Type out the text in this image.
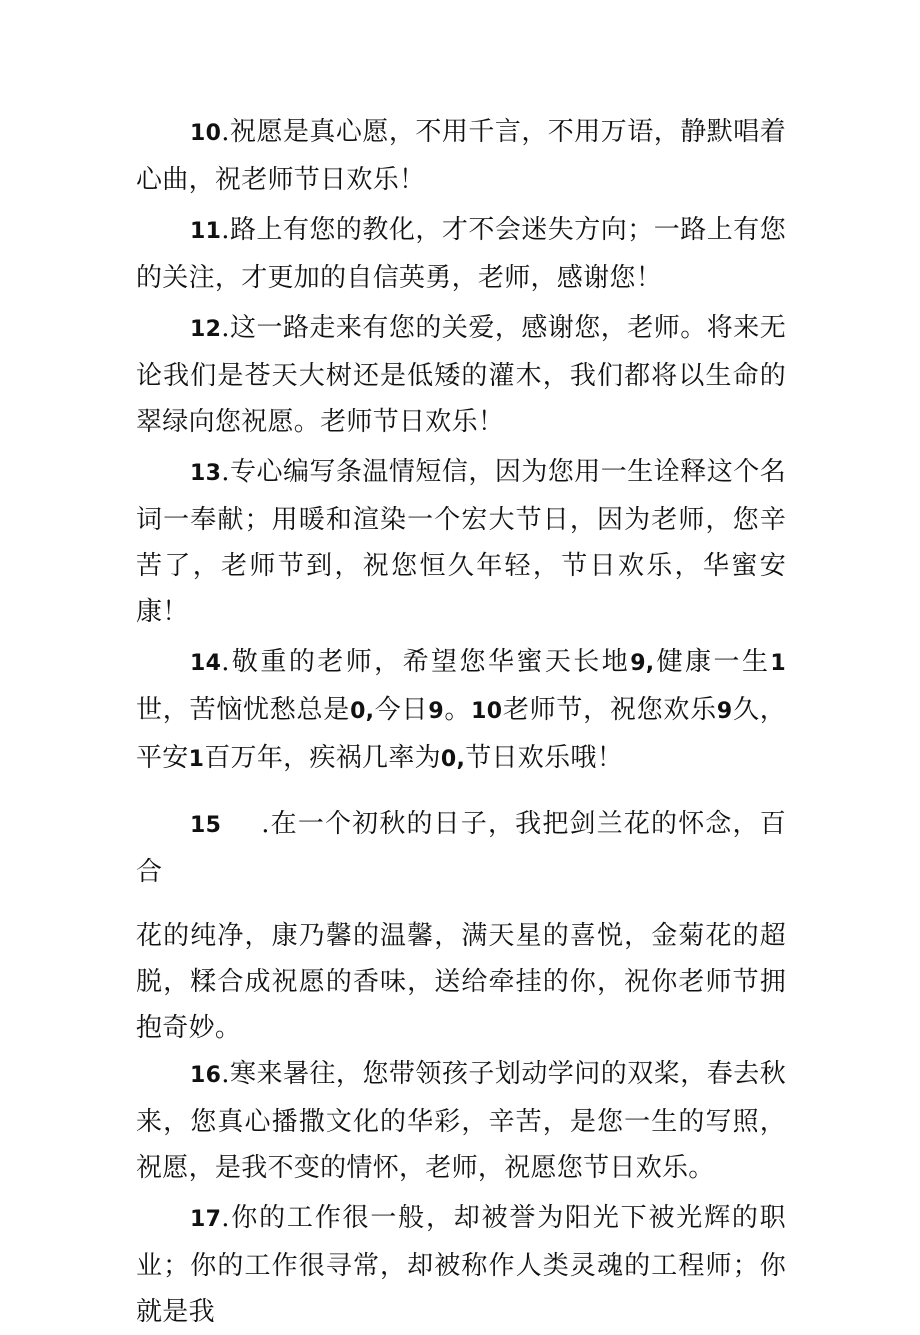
10.祝愿是真心愿，不用千言，不用万语，静默唱着心曲，祝老师节日欢乐！

11.路上有您的教化，才不会迷失方向；一路上有您的关注，才更加的自信英勇，老师，感谢您！

12.这一路走来有您的关爱，感谢您，老师。将来无论我们是苍天大树还是低矮的灌木，我们都将以生命的翠绿向您祝愿。老师节日欢乐！

13.专心编写条温情短信，因为您用一生诠释这个名词一奉献；用暖和渲染一个宏大节日，因为老师，您辛苦了，老师节到，祝您恒久年轻，节日欢乐，华蜜安康！

14.敬重的老师，希望您华蜜天长地9,健康一生1世，苦恼忧愁总是0,今日9。10老师节，祝您欢乐9久，平安1百万年，疾祸几率为0,节日欢乐哦！

15 .在一个初秋的日子，我把剑兰花的怀念，百合

花的纯净，康乃馨的温馨，满天星的喜悦，金菊花的超脱，糅合成祝愿的香味，送给牵挂的你，祝你老师节拥抱奇妙。

16.寒来暑往，您带领孩子划动学问的双桨，春去秋来，您真心播撒文化的华彩，辛苦，是您一生的写照，祝愿，是我不变的情怀，老师，祝愿您节日欢乐。

17.你的工作很一般，却被誉为阳光下被光辉的职业；你的工作很寻常，却被称作人类灵魂的工程师；你就是我
